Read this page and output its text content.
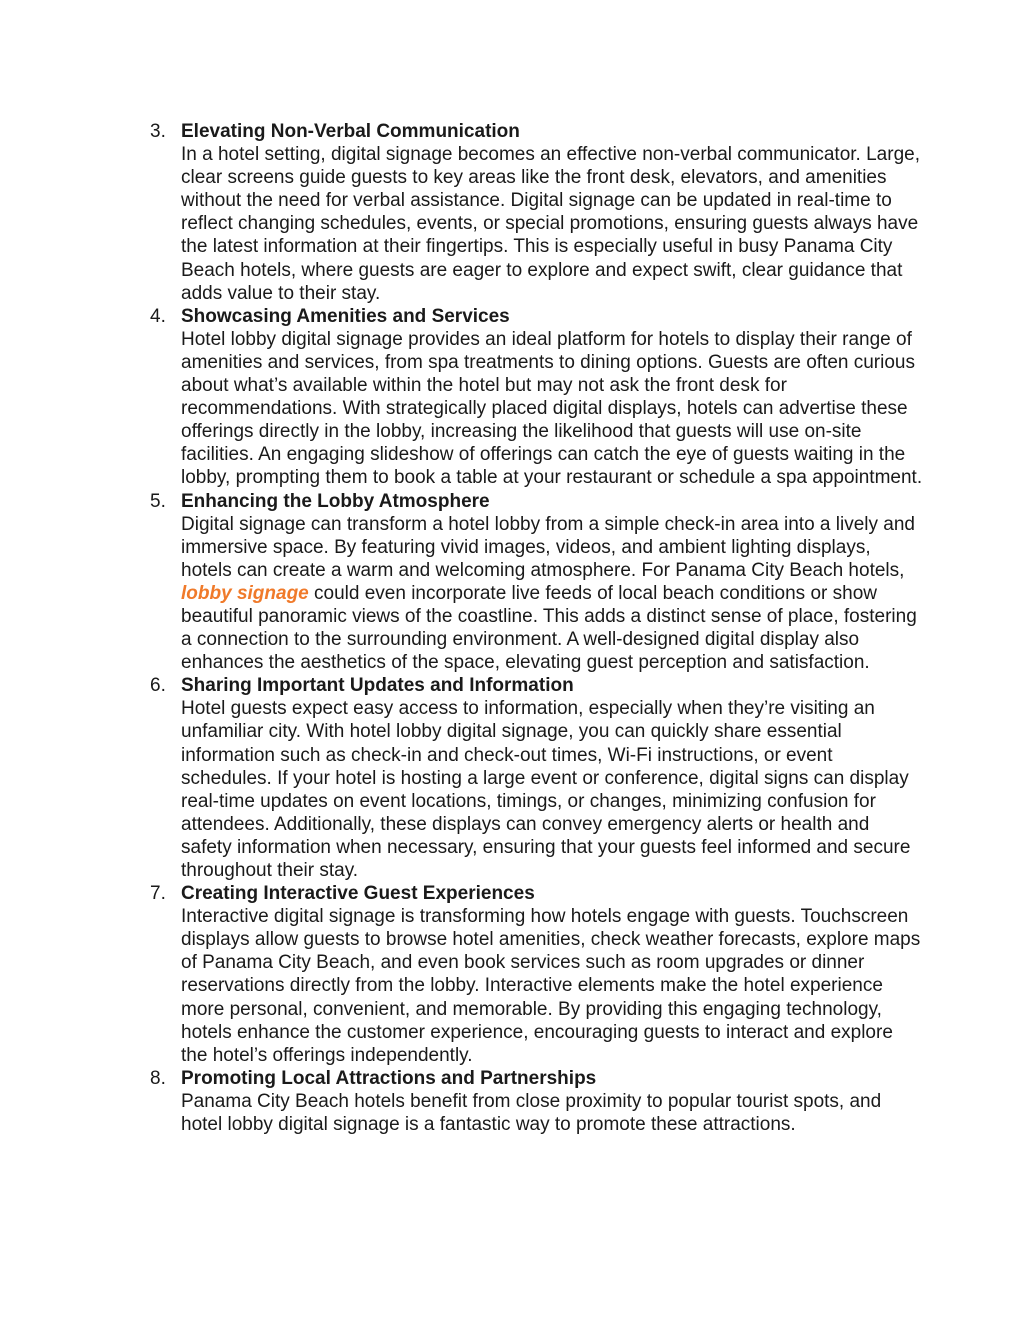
3. Elevating Non-Verbal Communication
In a hotel setting, digital signage becomes an effective non-verbal communicator. Large, clear screens guide guests to key areas like the front desk, elevators, and amenities without the need for verbal assistance. Digital signage can be updated in real-time to reflect changing schedules, events, or special promotions, ensuring guests always have the latest information at their fingertips. This is especially useful in busy Panama City Beach hotels, where guests are eager to explore and expect swift, clear guidance that adds value to their stay.
4. Showcasing Amenities and Services
Hotel lobby digital signage provides an ideal platform for hotels to display their range of amenities and services, from spa treatments to dining options. Guests are often curious about what’s available within the hotel but may not ask the front desk for recommendations. With strategically placed digital displays, hotels can advertise these offerings directly in the lobby, increasing the likelihood that guests will use on-site facilities. An engaging slideshow of offerings can catch the eye of guests waiting in the lobby, prompting them to book a table at your restaurant or schedule a spa appointment.
5. Enhancing the Lobby Atmosphere
Digital signage can transform a hotel lobby from a simple check-in area into a lively and immersive space. By featuring vivid images, videos, and ambient lighting displays, hotels can create a warm and welcoming atmosphere. For Panama City Beach hotels, lobby signage could even incorporate live feeds of local beach conditions or show beautiful panoramic views of the coastline. This adds a distinct sense of place, fostering a connection to the surrounding environment. A well-designed digital display also enhances the aesthetics of the space, elevating guest perception and satisfaction.
6. Sharing Important Updates and Information
Hotel guests expect easy access to information, especially when they’re visiting an unfamiliar city. With hotel lobby digital signage, you can quickly share essential information such as check-in and check-out times, Wi-Fi instructions, or event schedules. If your hotel is hosting a large event or conference, digital signs can display real-time updates on event locations, timings, or changes, minimizing confusion for attendees. Additionally, these displays can convey emergency alerts or health and safety information when necessary, ensuring that your guests feel informed and secure throughout their stay.
7. Creating Interactive Guest Experiences
Interactive digital signage is transforming how hotels engage with guests. Touchscreen displays allow guests to browse hotel amenities, check weather forecasts, explore maps of Panama City Beach, and even book services such as room upgrades or dinner reservations directly from the lobby. Interactive elements make the hotel experience more personal, convenient, and memorable. By providing this engaging technology, hotels enhance the customer experience, encouraging guests to interact and explore the hotel’s offerings independently.
8. Promoting Local Attractions and Partnerships
Panama City Beach hotels benefit from close proximity to popular tourist spots, and hotel lobby digital signage is a fantastic way to promote these attractions.
